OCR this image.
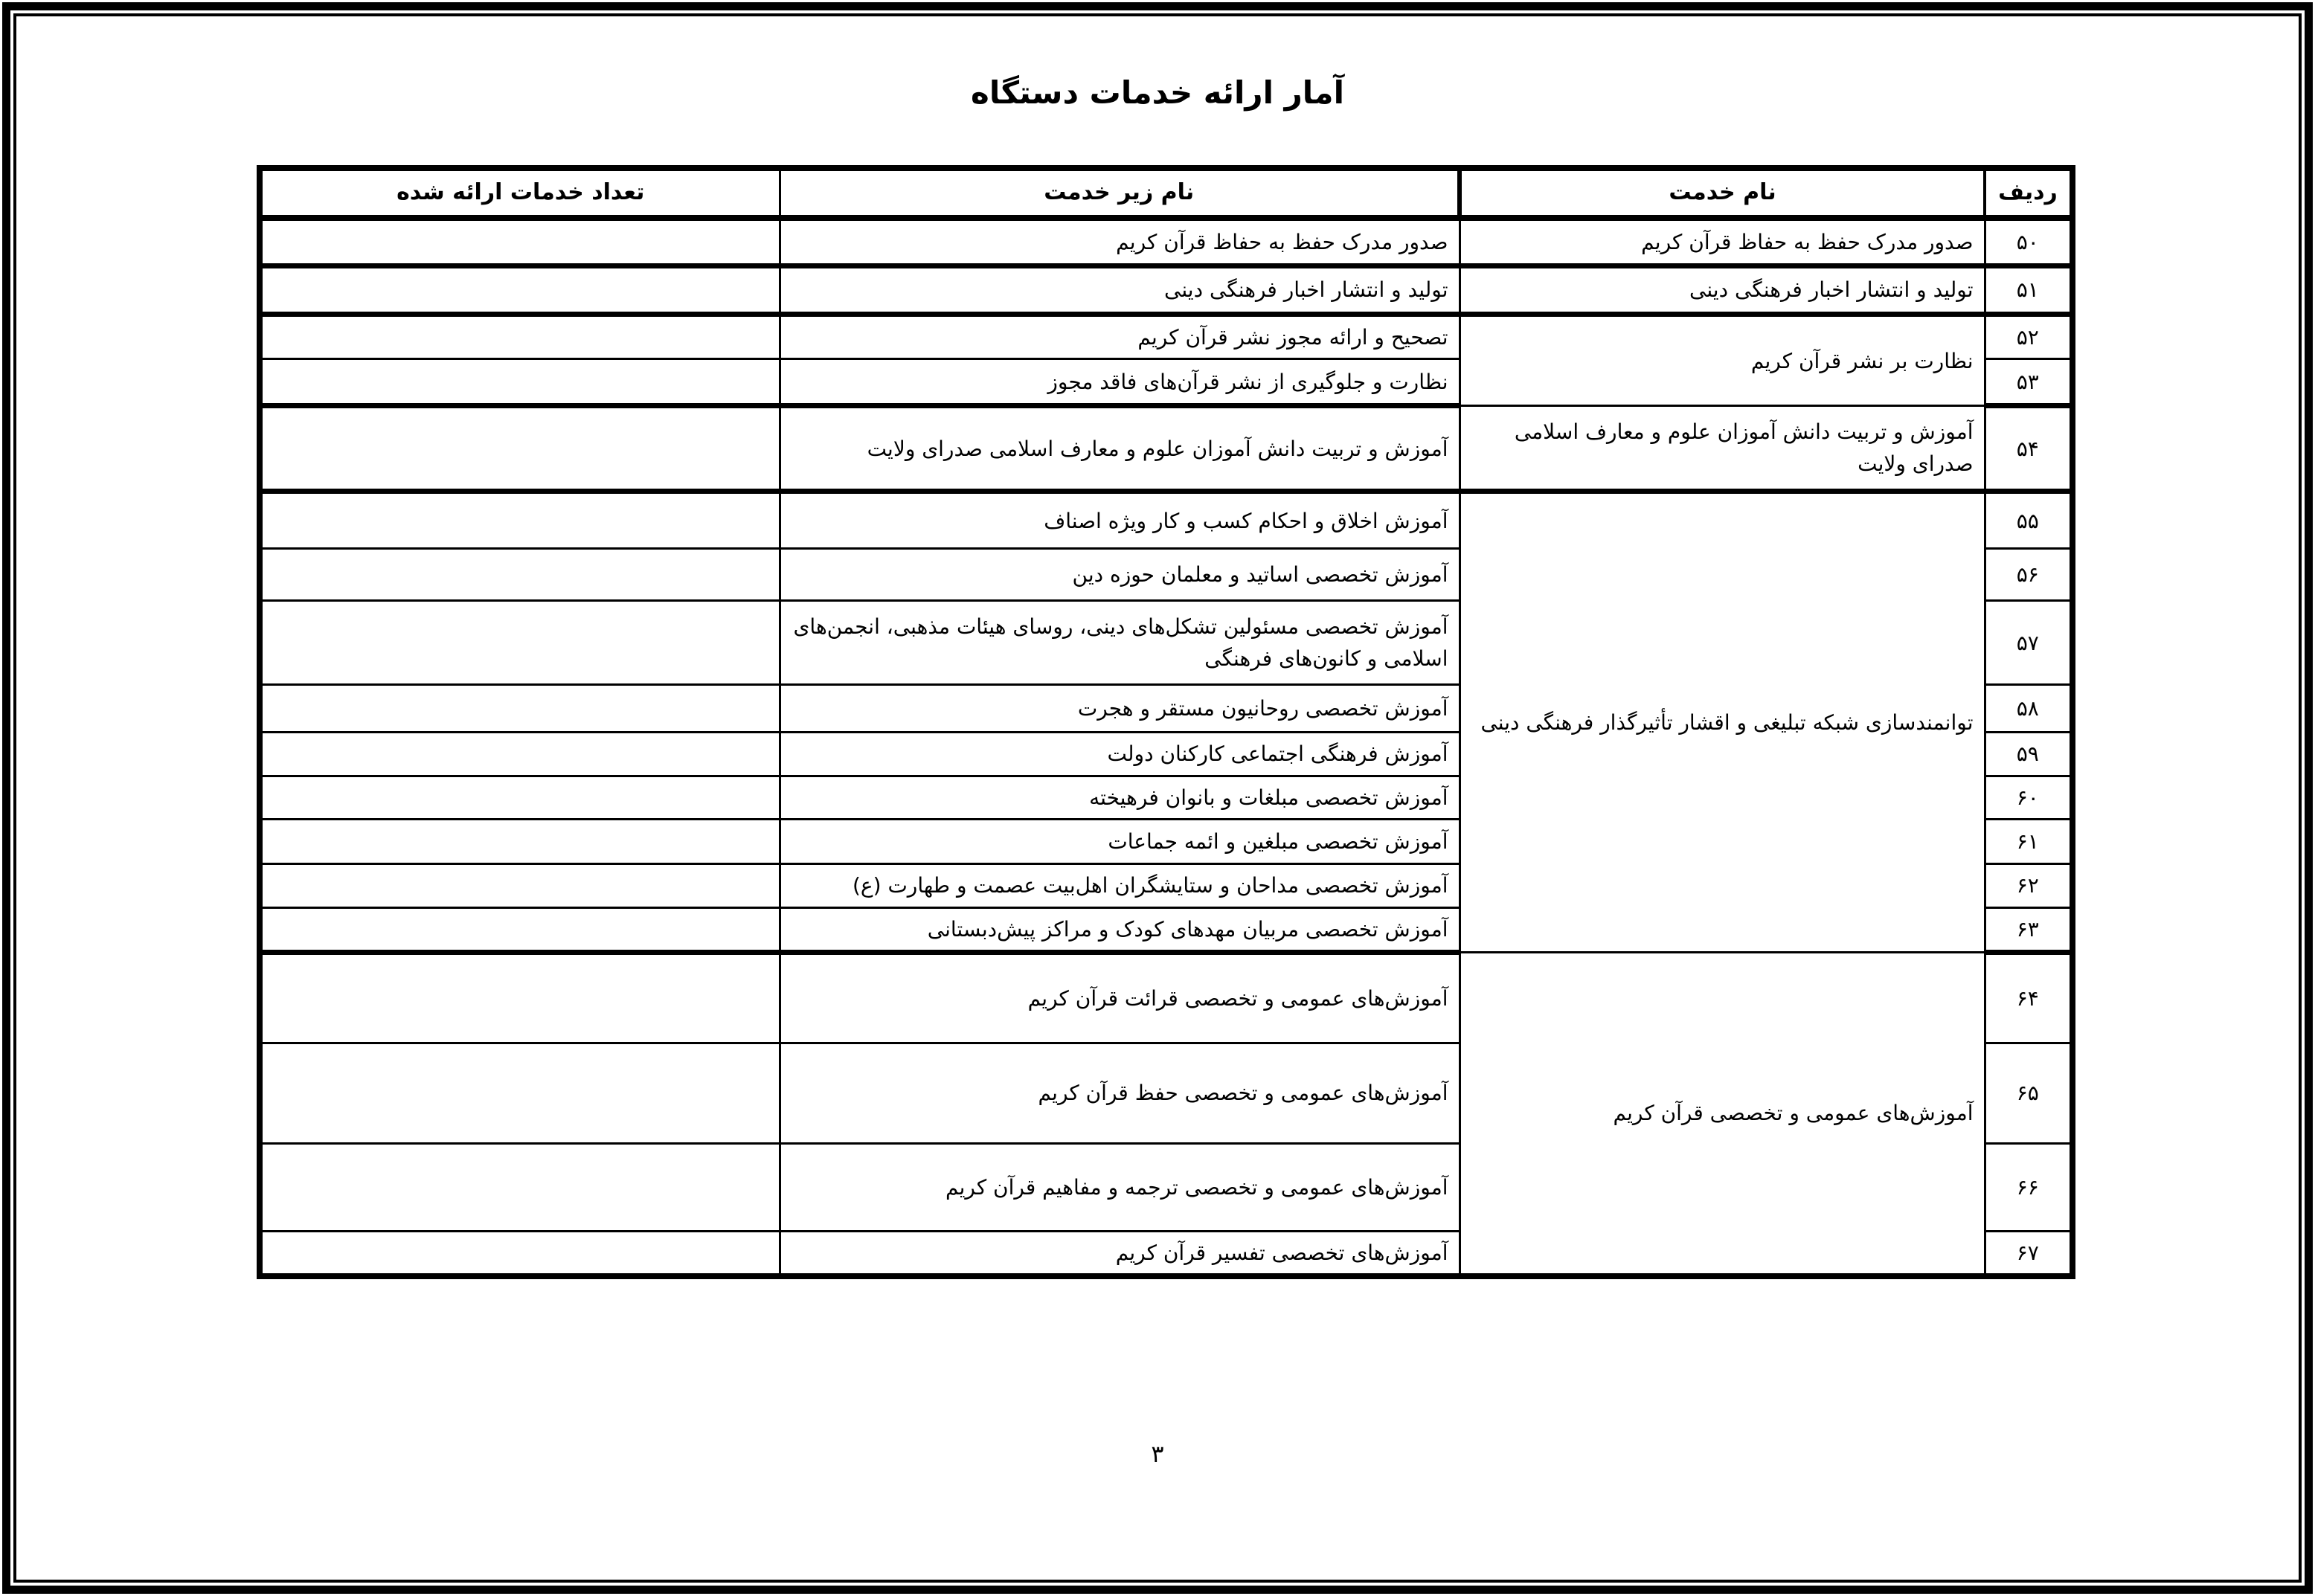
آمار ارائه خدمات دستگاه
ردیف	نام خدمت	نام زیر خدمت	تعداد خدمات ارائه شده
۵۰	صدور مدرک حفظ به حفاظ قرآن کریم	صدور مدرک حفظ به حفاظ قرآن کریم	
۵۱	تولید و انتشار اخبار فرهنگی دینی	تولید و انتشار اخبار فرهنگی دینی	
۵۲	نظارت بر نشر قرآن کریم	تصحیح و ارائه مجوز نشر قرآن کریم	
۵۳		نظارت و جلوگیری از نشر قرآن‌های فاقد مجوز	
۵۴	آموزش و تربیت دانش آموزان علوم و معارف اسلامی صدرای ولایت	آموزش و تربیت دانش آموزان علوم و معارف اسلامی صدرای ولایت	
۵۵	توانمندسازی شبکه تبلیغی و اقشار تأثیرگذار فرهنگی دینی	آموزش اخلاق و احکام کسب و کار ویژه اصناف	
۵۶		آموزش تخصصی اساتید و معلمان حوزه دین	
۵۷		آموزش تخصصی مسئولین تشکل‌های دینی، روسای هیئات مذهبی، انجمن‌های اسلامی و کانون‌های فرهنگی	
۵۸		آموزش تخصصی روحانیون مستقر و هجرت	
۵۹		آموزش فرهنگی اجتماعی کارکنان دولت	
۶۰		آموزش تخصصی مبلغات و بانوان فرهیخته	
۶۱		آموزش تخصصی مبلغین و ائمه جماعات	
۶۲		آموزش تخصصی مداحان و ستایشگران اهل‌بیت عصمت و طهارت (ع)	
۶۳		آموزش تخصصی مربیان مهدهای کودک و مراکز پیش‌دبستانی	
۶۴	آموزش‌های عمومی و تخصصی قرآن کریم	آموزش‌های عمومی و تخصصی قرائت قرآن کریم	
۶۵		آموزش‌های عمومی و تخصصی حفظ قرآن کریم	
۶۶		آموزش‌های عمومی و تخصصی ترجمه و مفاهیم قرآن کریم	
۶۷		آموزش‌های تخصصی تفسیر قرآن کریم	
۳
